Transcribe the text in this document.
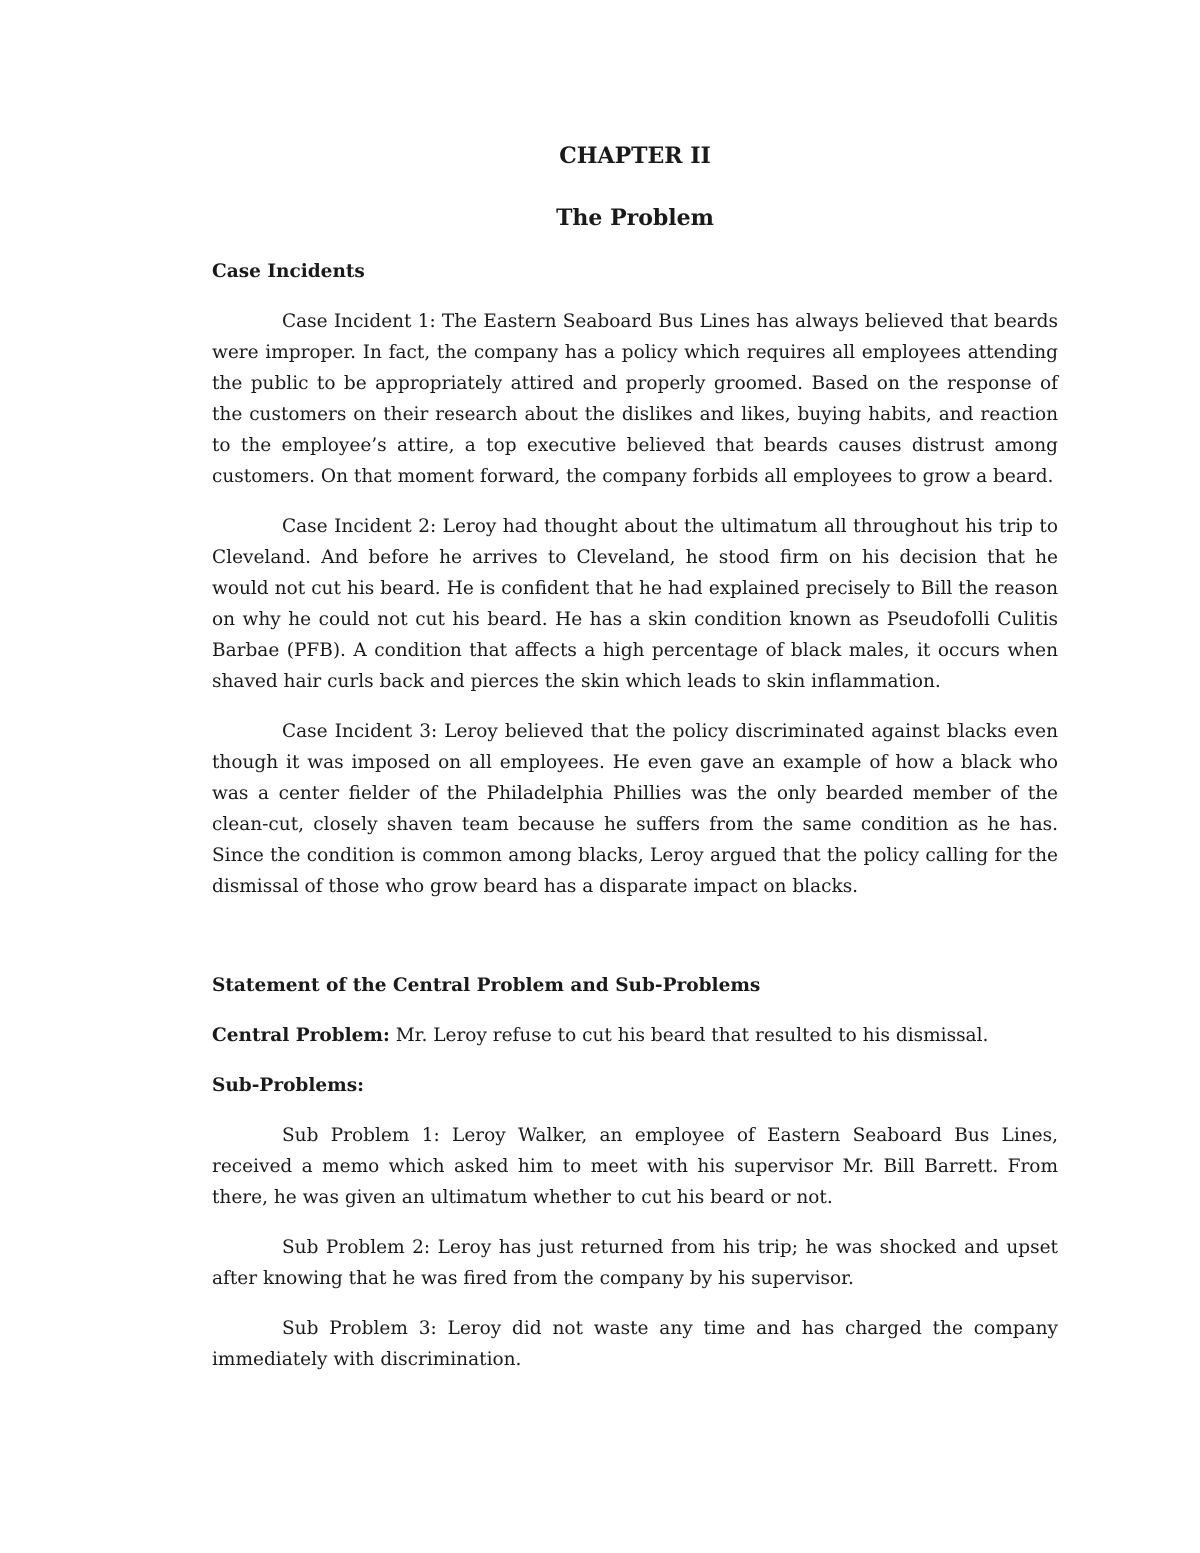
CHAPTER II

The Problem

Case Incidents

Case Incident 1: The Eastern Seaboard Bus Lines has always believed that beards were improper. In fact, the company has a policy which requires all employees attending the public to be appropriately attired and properly groomed. Based on the response of the customers on their research about the dislikes and likes, buying habits, and reaction to the employee’s attire, a top executive believed that beards causes distrust among customers. On that moment forward, the company forbids all employees to grow a beard.

Case Incident 2: Leroy had thought about the ultimatum all throughout his trip to Cleveland. And before he arrives to Cleveland, he stood firm on his decision that he would not cut his beard. He is confident that he had explained precisely to Bill the reason on why he could not cut his beard. He has a skin condition known as Pseudofolli Culitis Barbae (PFB). A condition that affects a high percentage of black males, it occurs when shaved hair curls back and pierces the skin which leads to skin inflammation.

Case Incident 3: Leroy believed that the policy discriminated against blacks even though it was imposed on all employees. He even gave an example of how a black who was a center fielder of the Philadelphia Phillies was the only bearded member of the clean-cut, closely shaven team because he suffers from the same condition as he has. Since the condition is common among blacks, Leroy argued that the policy calling for the dismissal of those who grow beard has a disparate impact on blacks.

Statement of the Central Problem and Sub-Problems

Central Problem: Mr. Leroy refuse to cut his beard that resulted to his dismissal.

Sub-Problems:

Sub Problem 1: Leroy Walker, an employee of Eastern Seaboard Bus Lines, received a memo which asked him to meet with his supervisor Mr. Bill Barrett. From there, he was given an ultimatum whether to cut his beard or not.

Sub Problem 2: Leroy has just returned from his trip; he was shocked and upset after knowing that he was fired from the company by his supervisor.

Sub Problem 3: Leroy did not waste any time and has charged the company immediately with discrimination.
